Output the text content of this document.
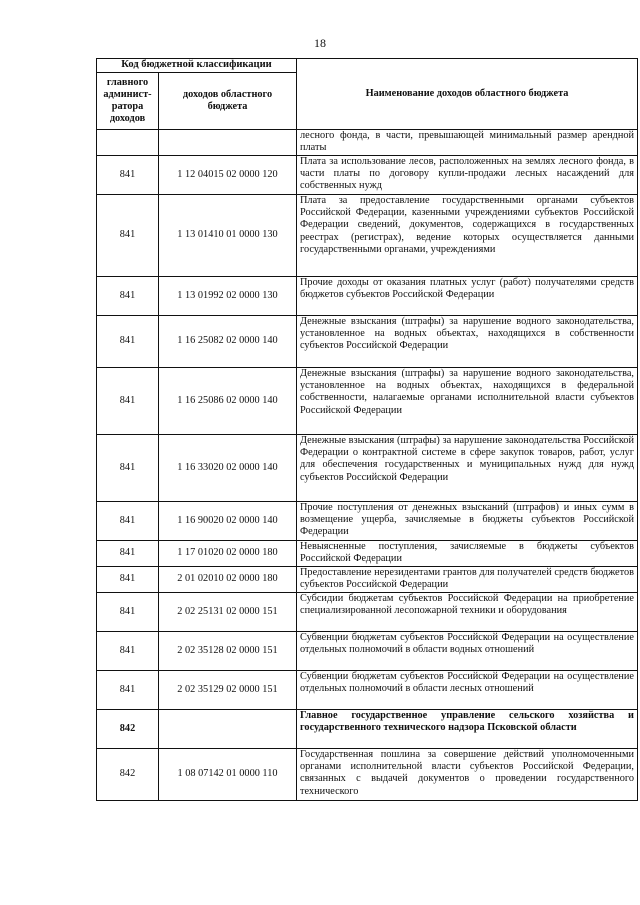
18
Код бюджетной классификации		Наименование доходов областного бюджета
главного админист-ратора доходов	доходов областного бюджета	
		лесного фонда, в части, превышающей минимальный размер арендной платы
841	1 12 04015 02 0000 120	Плата за использование лесов, расположенных на землях лесного фонда, в части платы по договору купли-продажи лесных насаждений для собственных нужд
841	1 13 01410 01 0000 130	Плата за предоставление государственными органами субъектов Российской Федерации, казенными учреждениями субъектов Российской Федерации сведений, документов, содержащихся в государственных реестрах (регистрах), ведение которых осуществляется данными государственными органами, учреждениями
841	1 13 01992 02 0000 130	Прочие доходы от оказания платных услуг (работ) получателями средств бюджетов субъектов Российской Федерации
841	1 16 25082 02 0000 140	Денежные взыскания (штрафы) за нарушение водного законодательства, установленное на водных объектах, находящихся в собственности субъектов Российской Федерации
841	1 16 25086 02 0000 140	Денежные взыскания (штрафы) за нарушение водного законодательства, установленное на водных объектах, находящихся в федеральной собственности, налагаемые органами исполнительной власти субъектов Российской Федерации
841	1 16 33020 02 0000 140	Денежные взыскания (штрафы) за нарушение законодательства Российской Федерации о контрактной системе в сфере закупок товаров, работ, услуг для обеспечения государственных и муниципальных нужд для нужд субъектов Российской Федерации
841	1 16 90020 02 0000 140	Прочие поступления от денежных взысканий (штрафов) и иных сумм в возмещение ущерба, зачисляемые в бюджеты субъектов Российской Федерации
841	1 17 01020 02 0000 180	Невыясненные поступления, зачисляемые в бюджеты субъектов Российской Федерации
841	2 01 02010 02 0000 180	Предоставление нерезидентами грантов для получателей средств бюджетов субъектов Российской Федерации
841	2 02 25131 02 0000 151	Субсидии бюджетам субъектов Российской Федерации на приобретение специализированной лесопожарной техники и оборудования
841	2 02 35128 02 0000 151	Субвенции бюджетам субъектов Российской Федерации на осуществление отдельных полномочий в области водных отношений
841	2 02 35129 02 0000 151	Субвенции бюджетам субъектов Российской Федерации на осуществление отдельных полномочий в области лесных отношений
842		Главное государственное управление сельского хозяйства и государственного технического надзора Псковской области
842	1 08 07142 01 0000 110	Государственная пошлина за совершение действий уполномоченными органами исполнительной власти субъектов Российской Федерации, связанных с выдачей документов о проведении государственного технического
